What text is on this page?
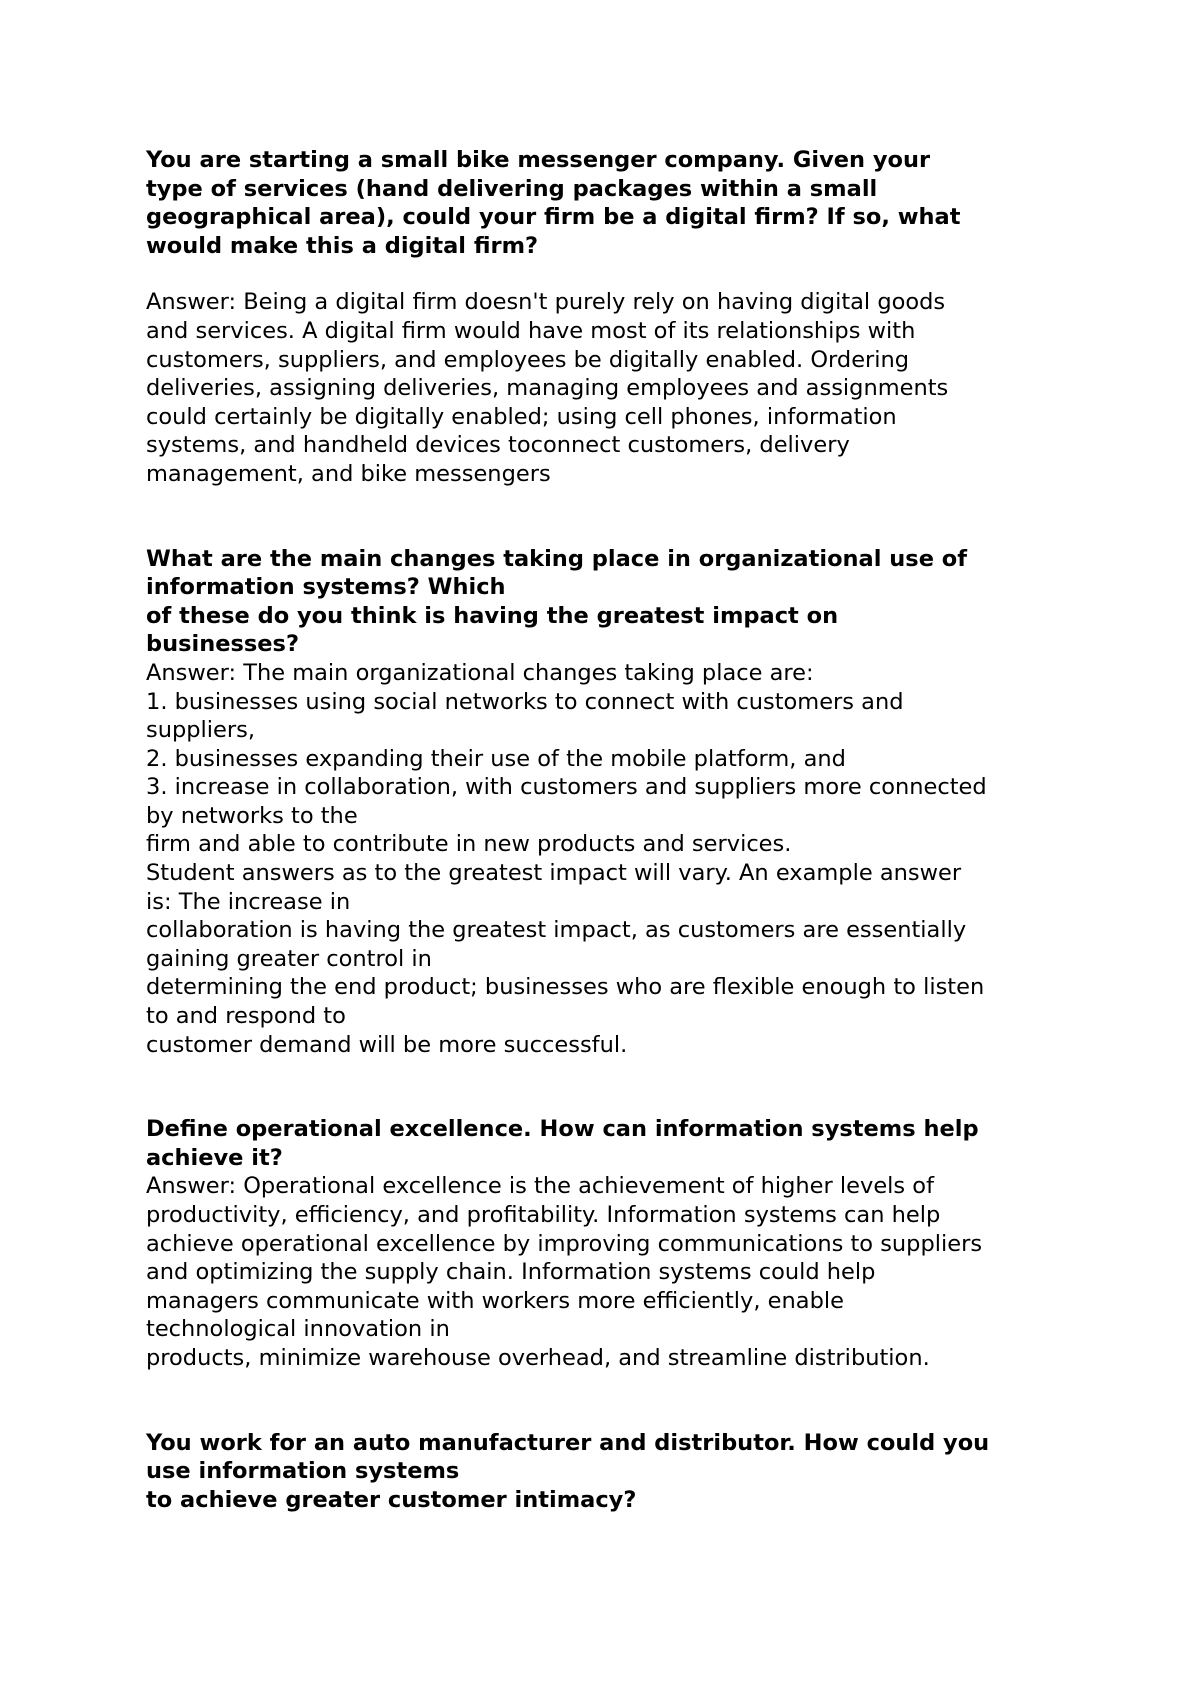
You are starting a small bike messenger company. Given your
type of services (hand delivering packages within a small
geographical area), could your firm be a digital firm? If so, what
would make this a digital firm?
Answer: Being a digital firm doesn't purely rely on having digital goods
and services. A digital firm would have most of its relationships with
customers, suppliers, and employees be digitally enabled. Ordering
deliveries, assigning deliveries, managing employees and assignments
could certainly be digitally enabled; using cell phones, information
systems, and handheld devices toconnect customers, delivery
management, and bike messengers
What are the main changes taking place in organizational use of
information systems? Which
of these do you think is having the greatest impact on
businesses?
Answer: The main organizational changes taking place are:
1. businesses using social networks to connect with customers and
suppliers,
2. businesses expanding their use of the mobile platform, and
3. increase in collaboration, with customers and suppliers more connected
by networks to the
firm and able to contribute in new products and services.
Student answers as to the greatest impact will vary. An example answer
is: The increase in
collaboration is having the greatest impact, as customers are essentially
gaining greater control in
determining the end product; businesses who are flexible enough to listen
to and respond to
customer demand will be more successful.
Define operational excellence. How can information systems help
achieve it?
Answer: Operational excellence is the achievement of higher levels of
productivity, efficiency, and profitability. Information systems can help
achieve operational excellence by improving communications to suppliers
and optimizing the supply chain. Information systems could help
managers communicate with workers more efficiently, enable
technological innovation in
products, minimize warehouse overhead, and streamline distribution.
You work for an auto manufacturer and distributor. How could you
use information systems
to achieve greater customer intimacy?
